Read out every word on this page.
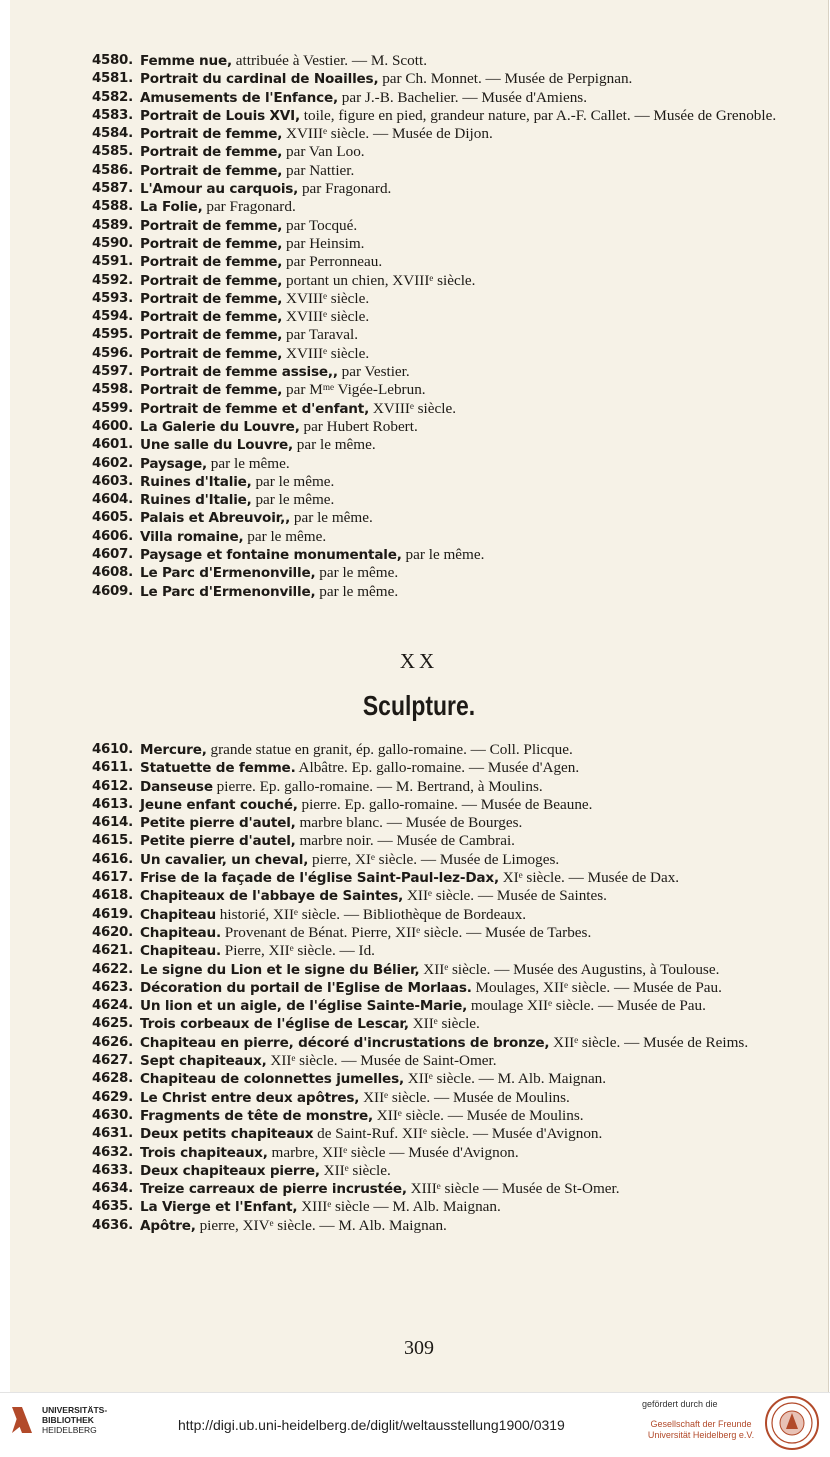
4580. Femme nue, attribuée à Vestier. — M. Scott.
4581. Portrait du cardinal de Noailles, par Ch. Monnet. — Musée de Perpignan.
4582. Amusements de l'Enfance, par J.-B. Bachelier. — Musée d'Amiens.
4583. Portrait de Louis XVI, toile, figure en pied, grandeur nature, par A.-F. Callet. — Musée de Grenoble.
4584. Portrait de femme, XVIIIᵉ siècle. — Musée de Dijon.
4585. Portrait de femme, par Van Loo.
4586. Portrait de femme, par Nattier.
4587. L'Amour au carquois, par Fragonard.
4588. La Folie, par Fragonard.
4589. Portrait de femme, par Tocqué.
4590. Portrait de femme, par Heinsim.
4591. Portrait de femme, par Perronneau.
4592. Portrait de femme, portant un chien, XVIIIᵉ siècle.
4593. Portrait de femme, XVIIIᵉ siècle.
4594. Portrait de femme, XVIIIᵉ siècle.
4595. Portrait de femme, par Taraval.
4596. Portrait de femme, XVIIIᵉ siècle.
4597. Portrait de femme assise,, par Vestier.
4598. Portrait de femme, par Mᵐᵉ Vigée-Lebrun.
4599. Portrait de femme et d'enfant, XVIIIᵉ siècle.
4600. La Galerie du Louvre, par Hubert Robert.
4601. Une salle du Louvre, par le même.
4602. Paysage, par le même.
4603. Ruines d'Italie, par le même.
4604. Ruines d'Italie, par le même.
4605. Palais et Abreuvoir,, par le même.
4606. Villa romaine, par le même.
4607. Paysage et fontaine monumentale, par le même.
4608. Le Parc d'Ermenonville, par le même.
4609. Le Parc d'Ermenonville, par le même.
XX
Sculpture.
4610. Mercure, grande statue en granit, ép. gallo-romaine. — Coll. Plicque.
4611. Statuette de femme. Albâtre. Ep. gallo-romaine. — Musée d'Agen.
4612. Danseuse pierre. Ep. gallo-romaine. — M. Bertrand, à Moulins.
4613. Jeune enfant couché, pierre. Ep. gallo-romaine. — Musée de Beaune.
4614. Petite pierre d'autel, marbre blanc. — Musée de Bourges.
4615. Petite pierre d'autel, marbre noir. — Musée de Cambrai.
4616. Un cavalier, un cheval, pierre, XIᵉ siècle. — Musée de Limoges.
4617. Frise de la façade de l'église Saint-Paul-lez-Dax, XIᵉ siècle. — Musée de Dax.
4618. Chapiteaux de l'abbaye de Saintes, XIIᵉ siècle. — Musée de Saintes.
4619. Chapiteau historié, XIIᵉ siècle. — Bibliothèque de Bordeaux.
4620. Chapiteau. Provenant de Bénat. Pierre, XIIᵉ siècle. — Musée de Tarbes.
4621. Chapiteau. Pierre, XIIᵉ siècle. — Id.
4622. Le signe du Lion et le signe du Bélier, XIIᵉ siècle. — Musée des Augustins, à Toulouse.
4623. Décoration du portail de l'Eglise de Morlaas. Moulages, XIIᵉ siècle. — Musée de Pau.
4624. Un lion et un aigle, de l'église Sainte-Marie, moulage XIIᵉ siècle. — Musée de Pau.
4625. Trois corbeaux de l'église de Lescar, XIIᵉ siècle.
4626. Chapiteau en pierre, décoré d'incrustations de bronze, XIIᵉ siècle. — Musée de Reims.
4627. Sept chapiteaux, XIIᵉ siècle. — Musée de Saint-Omer.
4628. Chapiteau de colonnettes jumelles, XIIᵉ siècle. — M. Alb. Maignan.
4629. Le Christ entre deux apôtres, XIIᵉ siècle. — Musée de Moulins.
4630. Fragments de tête de monstre, XIIᵉ siècle. — Musée de Moulins.
4631. Deux petits chapiteaux de Saint-Ruf. XIIᵉ siècle. — Musée d'Avignon.
4632. Trois chapiteaux, marbre, XIIᵉ siècle — Musée d'Avignon.
4633. Deux chapiteaux pierre, XIIᵉ siècle.
4634. Treize carreaux de pierre incrustée, XIIIᵉ siècle — Musée de St-Omer.
4635. La Vierge et l'Enfant, XIIIᵉ siècle — M. Alb. Maignan.
4636. Apôtre, pierre, XIVᵉ siècle. — M. Alb. Maignan.
309
UNIVERSITÄTS-
BIBLIOTHEK
HEIDELBERG	http://digi.ub.uni-heidelberg.de/diglit/weltausstellung1900/0319
gefördert durch die
Gesellschaft der Freunde
Universität Heidelberg e.V.
